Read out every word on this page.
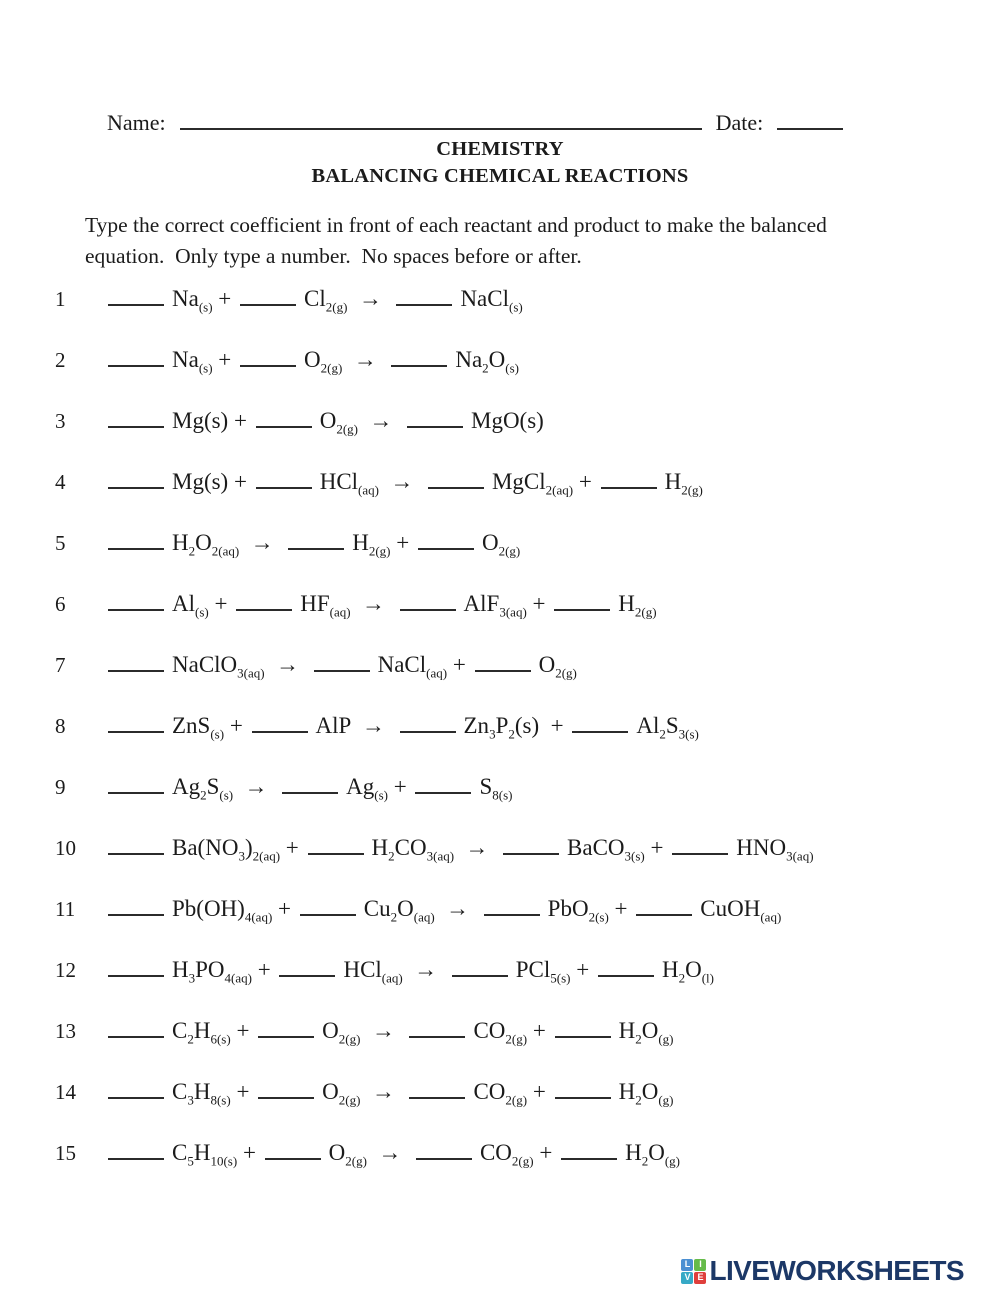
Name:	Date:

CHEMISTRY
BALANCING CHEMICAL REACTIONS

Type the correct coefficient in front of each reactant and product to make the balanced equation.  Only type a number.  No spaces before or after.

1	$Na_{(s)}$ +	$Cl_{2(g)}$  →	NaCl$_{(s)}$
2	$Na_{(s)}$ +	$O_{2(g)}$  →	$Na_2O_{(s)}$
3	Mg(s) +	$O_{2(g)}$  →	MgO(s)
4	Mg(s) +	HCl$_{(aq)}$  →	MgCl$_{2(aq)}$ +	$H_{2(g)}$
5	$H_2O_{2(aq)}$  →	$H_{2(g)}$ +	$O_{2(g)}$
6	$Al_{(s)}$ +	$HF_{(aq)}$  →	AlF$_{3(aq)}$ +	$H_{2(g)}$
7	NaClO$_{3(aq)}$  →	NaCl$_{(aq)}$ +	$O_{2(g)}$
8	ZnS$_{(s)}$ +	AlP  →	$Zn_3P_2(s)$  +	$Al_2S_{3(s)}$
9	$Ag_2S_{(s)}$  →	$Ag_{(s)}$ +	$S_{8(s)}$
10	$Ba(NO_3)_{2(aq)}$ +	$H_2CO_{3(aq)}$  →	BaCO$_{3(s)}$ +	$HNO_{3(aq)}$
11	$Pb(OH)_{4(aq)}$ +	$Cu_2O_{(aq)}$  →	PbO$_{2(s)}$ +	CuOH$_{(aq)}$
12	$H_3PO_{4(aq)}$ +	HCl$_{(aq)}$  →	PCl$_{5(s)}$ +	$H_2O_{(l)}$
13	$C_2H_{6(s)}$ +	$O_{2(g)}$  →	$CO_{2(g)}$ +	$H_2O_{(g)}$
14	$C_3H_{8(s)}$ +	$O_{2(g)}$  →	$CO_{2(g)}$ +	$H_2O_{(g)}$
15	$C_5H_{10(s)}$ +	$O_{2(g)}$  →	$CO_{2(g)}$ +	$H_2O_{(g)}$
L I
V E LIVEWORKSHEETS
